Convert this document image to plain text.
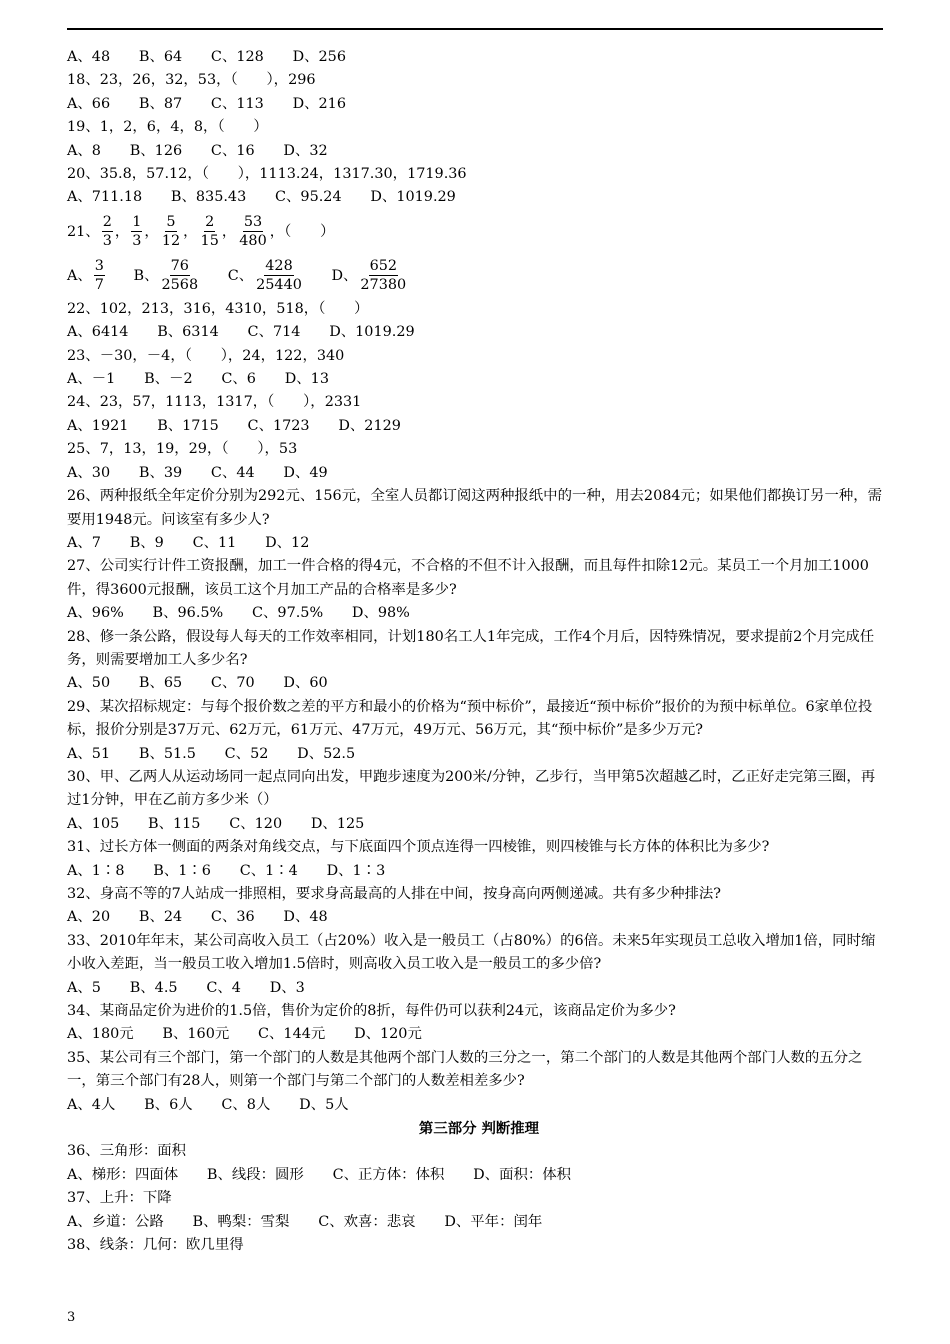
A、48　　B、64　　C、128　　D、256
18、23，26，32，53，（　　），296
A、66　　B、87　　C、113　　D、216
19、1，2，6，4，8，（　　）
A、8　　B、126　　C、16　　D、32
20、35.8，57.12，（　　），1113.24，1317.30，1719.36
A、711.18　　B、835.43　　C、95.24　　D、1019.29
21、 $\frac{2}{3}$ ， $\frac{1}{3}$ ， $\frac{5}{12}$ ， $\frac{2}{15}$ ， $\frac{53}{480}$ ，（　　）
A、 $\frac{3}{7}$ B、 $\frac{76}{2568}$ C、 $\frac{428}{25440}$ D、 $\frac{652}{27380}$
22、102，213，316，4310，518，（　　）
A、6414　　B、6314　　C、714　　D、1019.29
23、－30，－4，（　　），24，122，340
A、－1　　B、－2　　C、6　　D、13
24、23，57，1113，1317，（　　），2331
A、1921　　B、1715　　C、1723　　D、2129
25、7，13，19，29，（　　），53
A、30　　B、39　　C、44　　D、49
26、两种报纸全年定价分别为292元、156元，全室人员都订阅这两种报纸中的一种，用去2084元；如果他们都换订另一种，需要用1948元。问该室有多少人?
A、7　　B、9　　C、11　　D、12
27、公司实行计件工资报酬，加工一件合格的得4元，不合格的不但不计入报酬，而且每件扣除12元。某员工一个月加工1000件，得3600元报酬，该员工这个月加工产品的合格率是多少?
A、96%　　B、96.5%　　C、97.5%　　D、98%
28、修一条公路，假设每人每天的工作效率相同，计划180名工人1年完成，工作4个月后，因特殊情况，要求提前2个月完成任务，则需要增加工人多少名?
A、50　　B、65　　C、70　　D、60
29、某次招标规定：与每个报价数之差的平方和最小的价格为“预中标价”，最接近“预中标价”报价的为预中标单位。6家单位投标，报价分别是37万元、62万元，61万元、47万元，49万元、56万元，其“预中标价”是多少万元?
A、51　　B、51.5　　C、52　　D、52.5
30、甲、乙两人从运动场同一起点同向出发，甲跑步速度为200米/分钟，乙步行，当甲第5次超越乙时，乙正好走完第三圈，再过1分钟，甲在乙前方多少米（）
A、105　　B、115　　C、120　　D、125
31、过长方体一侧面的两条对角线交点，与下底面四个顶点连得一四棱锥，则四棱锥与长方体的体积比为多少?
A、1∶8　　B、1∶6　　C、1∶4　　D、1∶3
32、身高不等的7人站成一排照相，要求身高最高的人排在中间，按身高向两侧递减。共有多少种排法?
A、20　　B、24　　C、36　　D、48
33、2010年年末，某公司高收入员工（占20%）收入是一般员工（占80%）的6倍。未来5年实现员工总收入增加1倍，同时缩小收入差距，当一般员工收入增加1.5倍时，则高收入员工收入是一般员工的多少倍?
A、5　　B、4.5　　C、4　　D、3
34、某商品定价为进价的1.5倍，售价为定价的8折，每件仍可以获利24元，该商品定价为多少?
A、180元　　B、160元　　C、144元　　D、120元
35、某公司有三个部门，第一个部门的人数是其他两个部门人数的三分之一，第二个部门的人数是其他两个部门人数的五分之一，第三个部门有28人，则第一个部门与第二个部门的人数差相差多少?
A、4人　　B、6人　　C、8人　　D、5人
第三部分 判断推理
36、三角形：面积
A、梯形：四面体　　B、线段：圆形　　C、正方体：体积　　D、面积：体积
37、上升：下降
A、乡道：公路　　B、鸭梨：雪梨　　C、欢喜：悲哀　　D、平年：闰年
38、线条：几何：欧几里得
3
